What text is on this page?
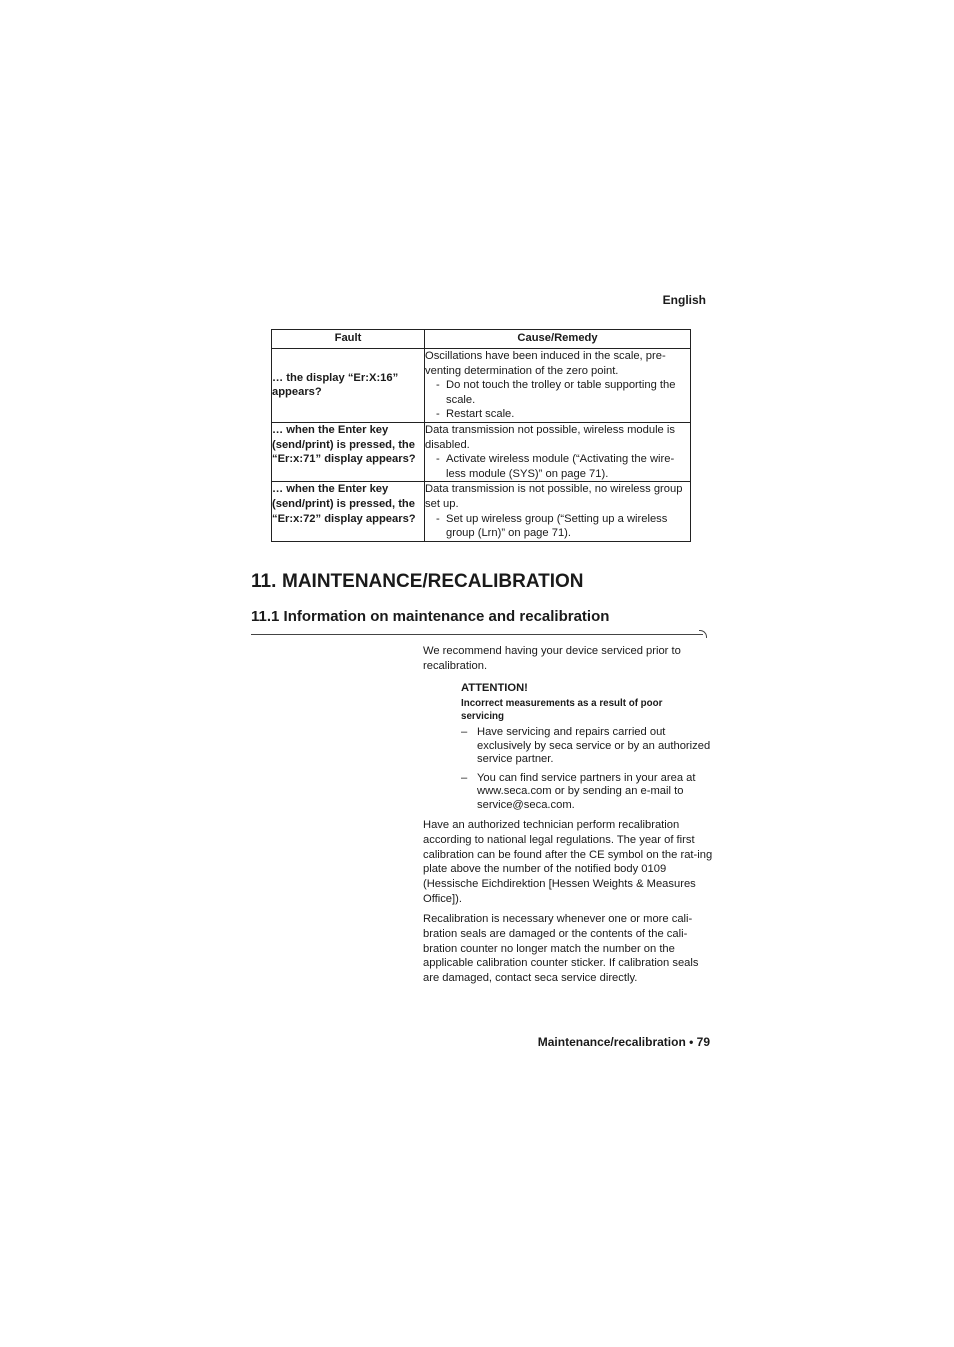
English
Fault	Cause/Remedy
… the display “Er:X:16” appears?	Oscillations have been induced in the scale, pre-venting determination of the zero point.
- Do not touch the trolley or table supporting the scale.
- Restart scale.

… when the Enter key (send/print) is pressed, the “Er:x:71” display appears?	Data transmission not possible, wireless module is disabled.
- Activate wireless module (“Activating the wire-less module (SYS)” on page 71).

… when the Enter key (send/print) is pressed, the “Er:x:72” display appears?	Data transmission is not possible, no wireless group set up.
- Set up wireless group (“Setting up a wireless group (Lrn)” on page 71).
11. MAINTENANCE/RECALIBRATION
11.1 Information on maintenance and recalibration
We recommend having your device serviced prior to recalibration.
ATTENTION!
Incorrect measurements as a result of poor servicing
– Have servicing and repairs carried out exclusively by seca service or by an authorized service partner.
– You can find service partners in your area at www.seca.com or by sending an e-mail to service@seca.com.
Have an authorized technician perform recalibration according to national legal regulations. The year of first calibration can be found after the CE symbol on the rat-ing plate above the number of the notified body 0109 (Hessische Eichdirektion [Hessen Weights & Measures Office]).
Recalibration is necessary whenever one or more cali-bration seals are damaged or the contents of the cali-bration counter no longer match the number on the applicable calibration counter sticker. If calibration seals are damaged, contact seca service directly.
Maintenance/recalibration • 79
